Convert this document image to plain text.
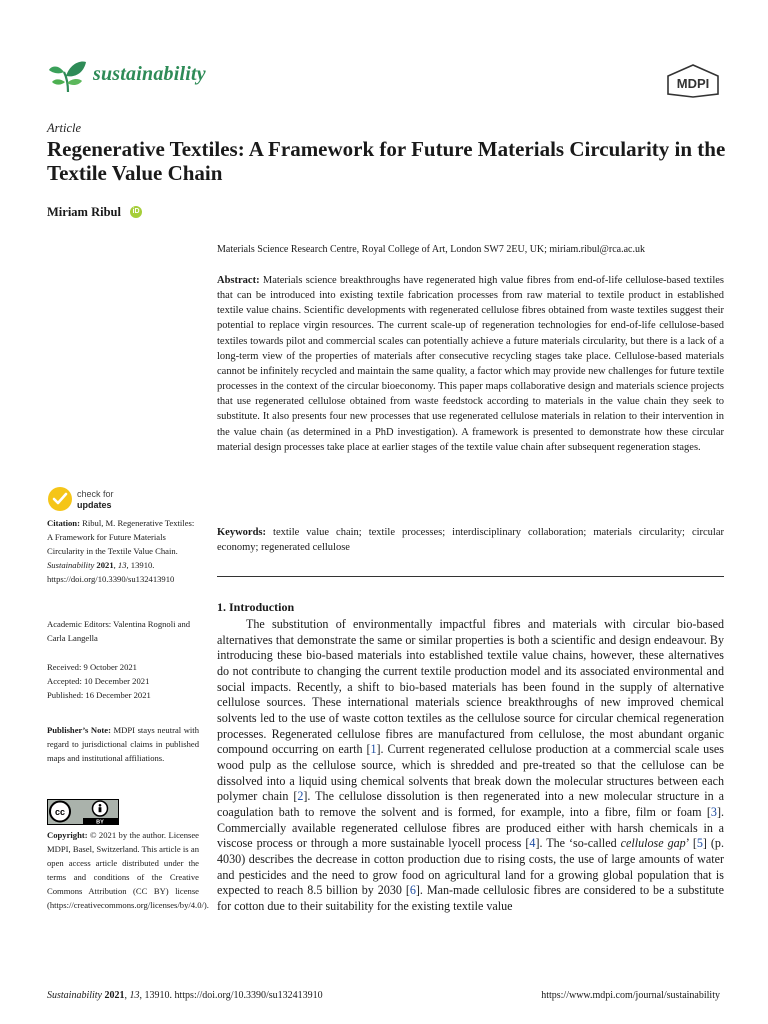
sustainability	MDPI
Article
Regenerative Textiles: A Framework for Future Materials Circularity in the Textile Value Chain
Miriam Ribul	iD
Materials Science Research Centre, Royal College of Art, London SW7 2EU, UK; miriam.ribul@rca.ac.uk
Abstract: Materials science breakthroughs have regenerated high value fibres from end-of-life cellulose-based textiles that can be introduced into existing textile fabrication processes from raw material to textile product in established textile value chains. Scientific developments with regenerated cellulose fibres obtained from waste textiles suggest their potential to replace virgin resources. The current scale-up of regeneration technologies for end-of-life cellulose-based textiles towards pilot and commercial scales can potentially achieve a future materials circularity, but there is a lack of a long-term view of the properties of materials after consecutive recycling stages take place. Cellulose-based materials cannot be infinitely recycled and maintain the same quality, a factor which may provide new challenges for future textile processes in the context of the circular bioeconomy. This paper maps collaborative design and materials science projects that use regenerated cellulose obtained from waste feedstock according to materials in the value chain they seek to substitute. It also presents four new processes that use regenerated cellulose materials in relation to their intervention in the value chain (as determined in a PhD investigation). A framework is presented to demonstrate how these circular material design processes take place at earlier stages of the textile value chain after subsequent regeneration stages.
Keywords: textile value chain; textile processes; interdisciplinary collaboration; materials circularity; circular economy; regenerated cellulose
1. Introduction

The substitution of environmentally impactful fibres and materials with circular bio-based alternatives that demonstrate the same or similar properties is both a scientific and design endeavour. By introducing these bio-based materials into established textile value chains, however, these alternatives do not contribute to changing the current textile production model and its associated environmental and social impacts. Recently, a shift to bio-based materials has been found in the supply of alternative cellulose sources. These international materials science breakthroughs of new improved chemical solvents led to the use of waste cotton textiles as the cellulose source for circular chemical regeneration processes. Regenerated cellulose fibres are manufactured from cellulose, the most abundant organic compound occurring on earth [1]. Current regenerated cellulose production at a commercial scale uses wood pulp as the cellulose source, which is shredded and pre-treated so that the cellulose can be dissolved into a liquid using chemical solvents that break down the molecular structures between each polymer chain [2]. The cellulose dissolution is then regenerated into a new molecular structure in a coagulation bath to remove the solvent and is formed, for example, into a fibre, film or foam [3]. Commercially available regenerated cellulose fibres are produced either with harsh chemicals in a viscose process or through a more sustainable lyocell process [4]. The ‘so-called cellulose gap’ [5] (p. 4030) describes the decrease in cotton production due to rising costs, the use of large amounts of water and pesticides and the need to grow food on agricultural land for a growing global population that is expected to reach 8.5 billion by 2030 [6]. Man-made cellulosic fibres are considered to be a substitute for cotton due to their suitability for the existing textile value

check for
updates
Citation: Ribul, M. Regenerative Textiles: A Framework for Future Materials Circularity in the Textile Value Chain. Sustainability 2021, 13, 13910. https://doi.org/10.3390/su132413910
Academic Editors: Valentina Rognoli and Carla Langella
Received: 9 October 2021
Accepted: 10 December 2021
Published: 16 December 2021
Publisher’s Note: MDPI stays neutral with regard to jurisdictional claims in published maps and institutional affiliations.
cc
BY
Copyright: © 2021 by the author. Licensee MDPI, Basel, Switzerland. This article is an open access article distributed under the terms and conditions of the Creative Commons Attribution (CC BY) license (https://creativecommons.org/licenses/by/4.0/).
Sustainability 2021, 13, 13910. https://doi.org/10.3390/su132413910	https://www.mdpi.com/journal/sustainability
